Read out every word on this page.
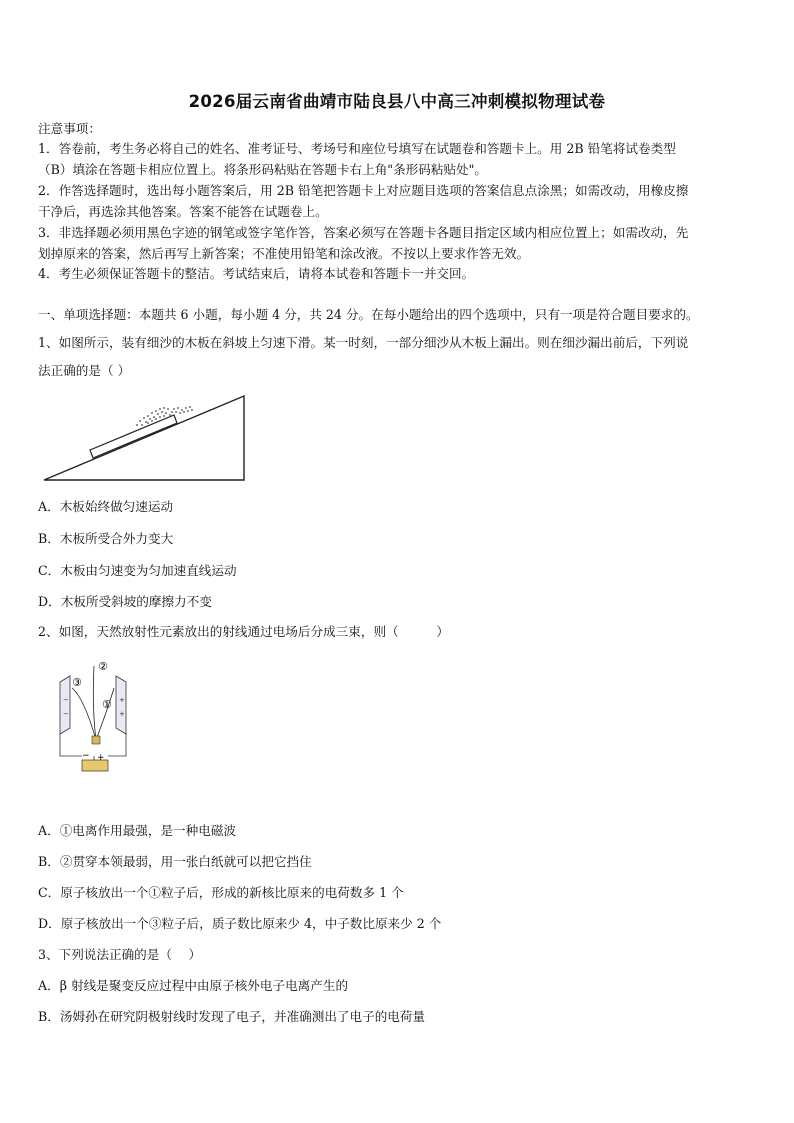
2026届云南省曲靖市陆良县八中高三冲刺模拟物理试卷
注意事项：
1．答卷前，考生务必将自己的姓名、准考证号、考场号和座位号填写在试题卷和答题卡上。用 2B 铅笔将试卷类型
（B）填涂在答题卡相应位置上。将条形码粘贴在答题卡右上角"条形码粘贴处"。
2．作答选择题时，选出每小题答案后，用 2B 铅笔把答题卡上对应题目选项的答案信息点涂黑；如需改动，用橡皮擦
干净后，再选涂其他答案。答案不能答在试题卷上。
3．非选择题必须用黑色字迹的钢笔或签字笔作答，答案必须写在答题卡各题目指定区域内相应位置上；如需改动，先
划掉原来的答案，然后再写上新答案；不准使用铅笔和涂改液。不按以上要求作答无效。
4．考生必须保证答题卡的整洁。考试结束后，请将本试卷和答题卡一并交回。
一、单项选择题：本题共 6 小题，每小题 4 分，共 24 分。在每小题给出的四个选项中，只有一项是符合题目要求的。
1、如图所示，装有细沙的木板在斜坡上匀速下滑。某一时刻，一部分细沙从木板上漏出。则在细沙漏出前后，下列说
法正确的是（ ）
A．木板始终做匀速运动
B．木板所受合外力变大
C．木板由匀速变为匀加速直线运动
D．木板所受斜坡的摩擦力不变
2、如图，天然放射性元素放出的射线通过电场后分成三束，则（　　　）
−
−
+
+
②
③
①
+
−
A．①电离作用最强，是一种电磁波
B．②贯穿本领最弱，用一张白纸就可以把它挡住
C．原子核放出一个①粒子后，形成的新核比原来的电荷数多 1 个
D．原子核放出一个③粒子后，质子数比原来少 4，中子数比原来少 2 个
3、下列说法正确的是（　 ）
A．β 射线是聚变反应过程中由原子核外电子电离产生的
B．汤姆孙在研究阴极射线时发现了电子，并准确测出了电子的电荷量
